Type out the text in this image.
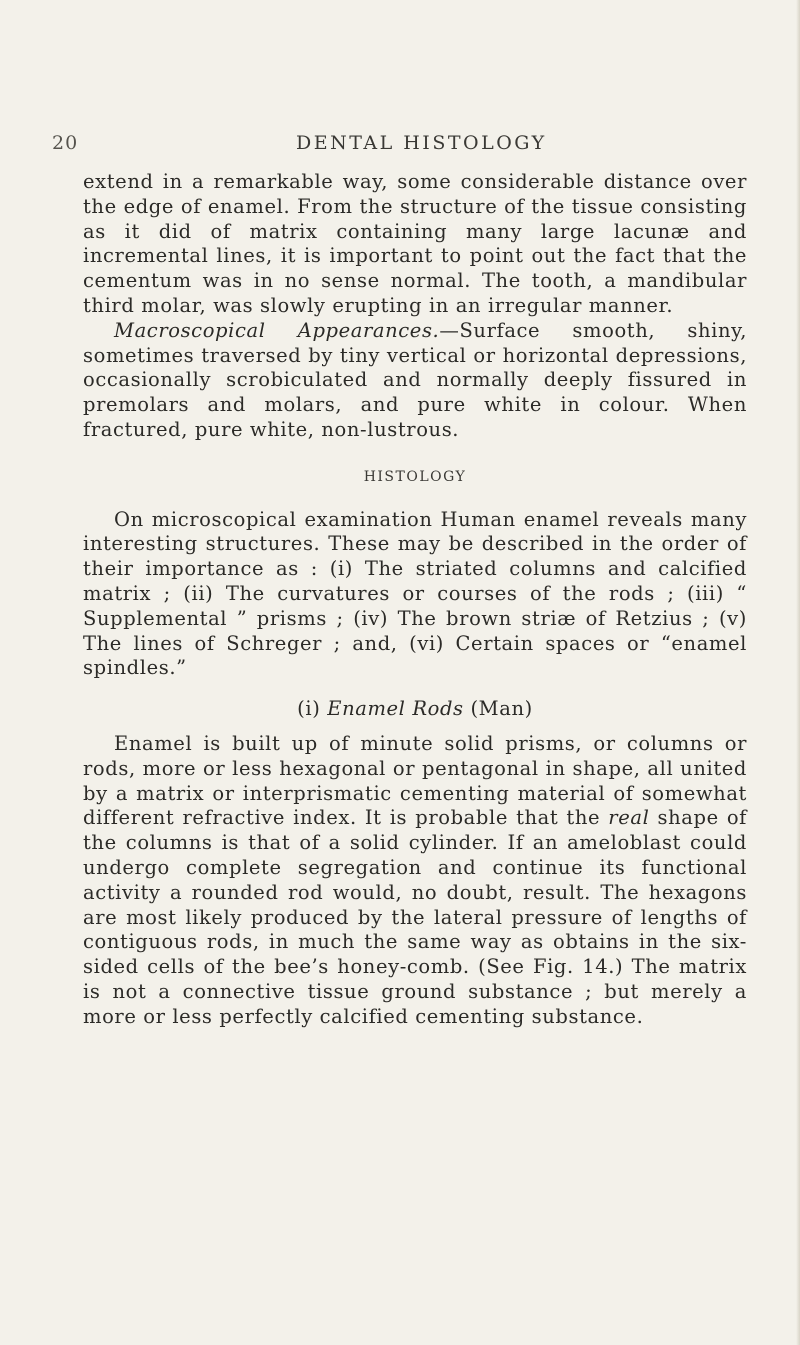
20	DENTAL HISTOLOGY

extend in a remarkable way, some considerable distance over the edge of enamel. From the structure of the tissue consisting as it did of matrix containing many large lacunæ and incremental lines, it is important to point out the fact that the cementum was in no sense normal. The tooth, a mandibular third molar, was slowly erupting in an irregular manner.

Macroscopical Appearances.—Surface smooth, shiny, sometimes traversed by tiny vertical or horizontal depressions, occasionally scrobiculated and normally deeply fissured in premolars and molars, and pure white in colour. When fractured, pure white, non-lustrous.

HISTOLOGY

On microscopical examination Human enamel reveals many interesting structures. These may be described in the order of their importance as : (i) The striated columns and calcified matrix ; (ii) The curvatures or courses of the rods ; (iii) “ Supplemental ” prisms ; (iv) The brown striæ of Retzius ; (v) The lines of Schreger ; and, (vi) Certain spaces or “enamel spindles.”

(i) Enamel Rods (Man)

Enamel is built up of minute solid prisms, or columns or rods, more or less hexagonal or pentagonal in shape, all united by a matrix or interprismatic cementing material of somewhat different refractive index. It is probable that the real shape of the columns is that of a solid cylinder. If an ameloblast could undergo complete segregation and continue its functional activity a rounded rod would, no doubt, result. The hexagons are most likely produced by the lateral pressure of lengths of contiguous rods, in much the same way as obtains in the six-sided cells of the bee’s honey-comb. (See Fig. 14.) The matrix is not a connective tissue ground substance ; but merely a more or less perfectly calcified cementing substance.
